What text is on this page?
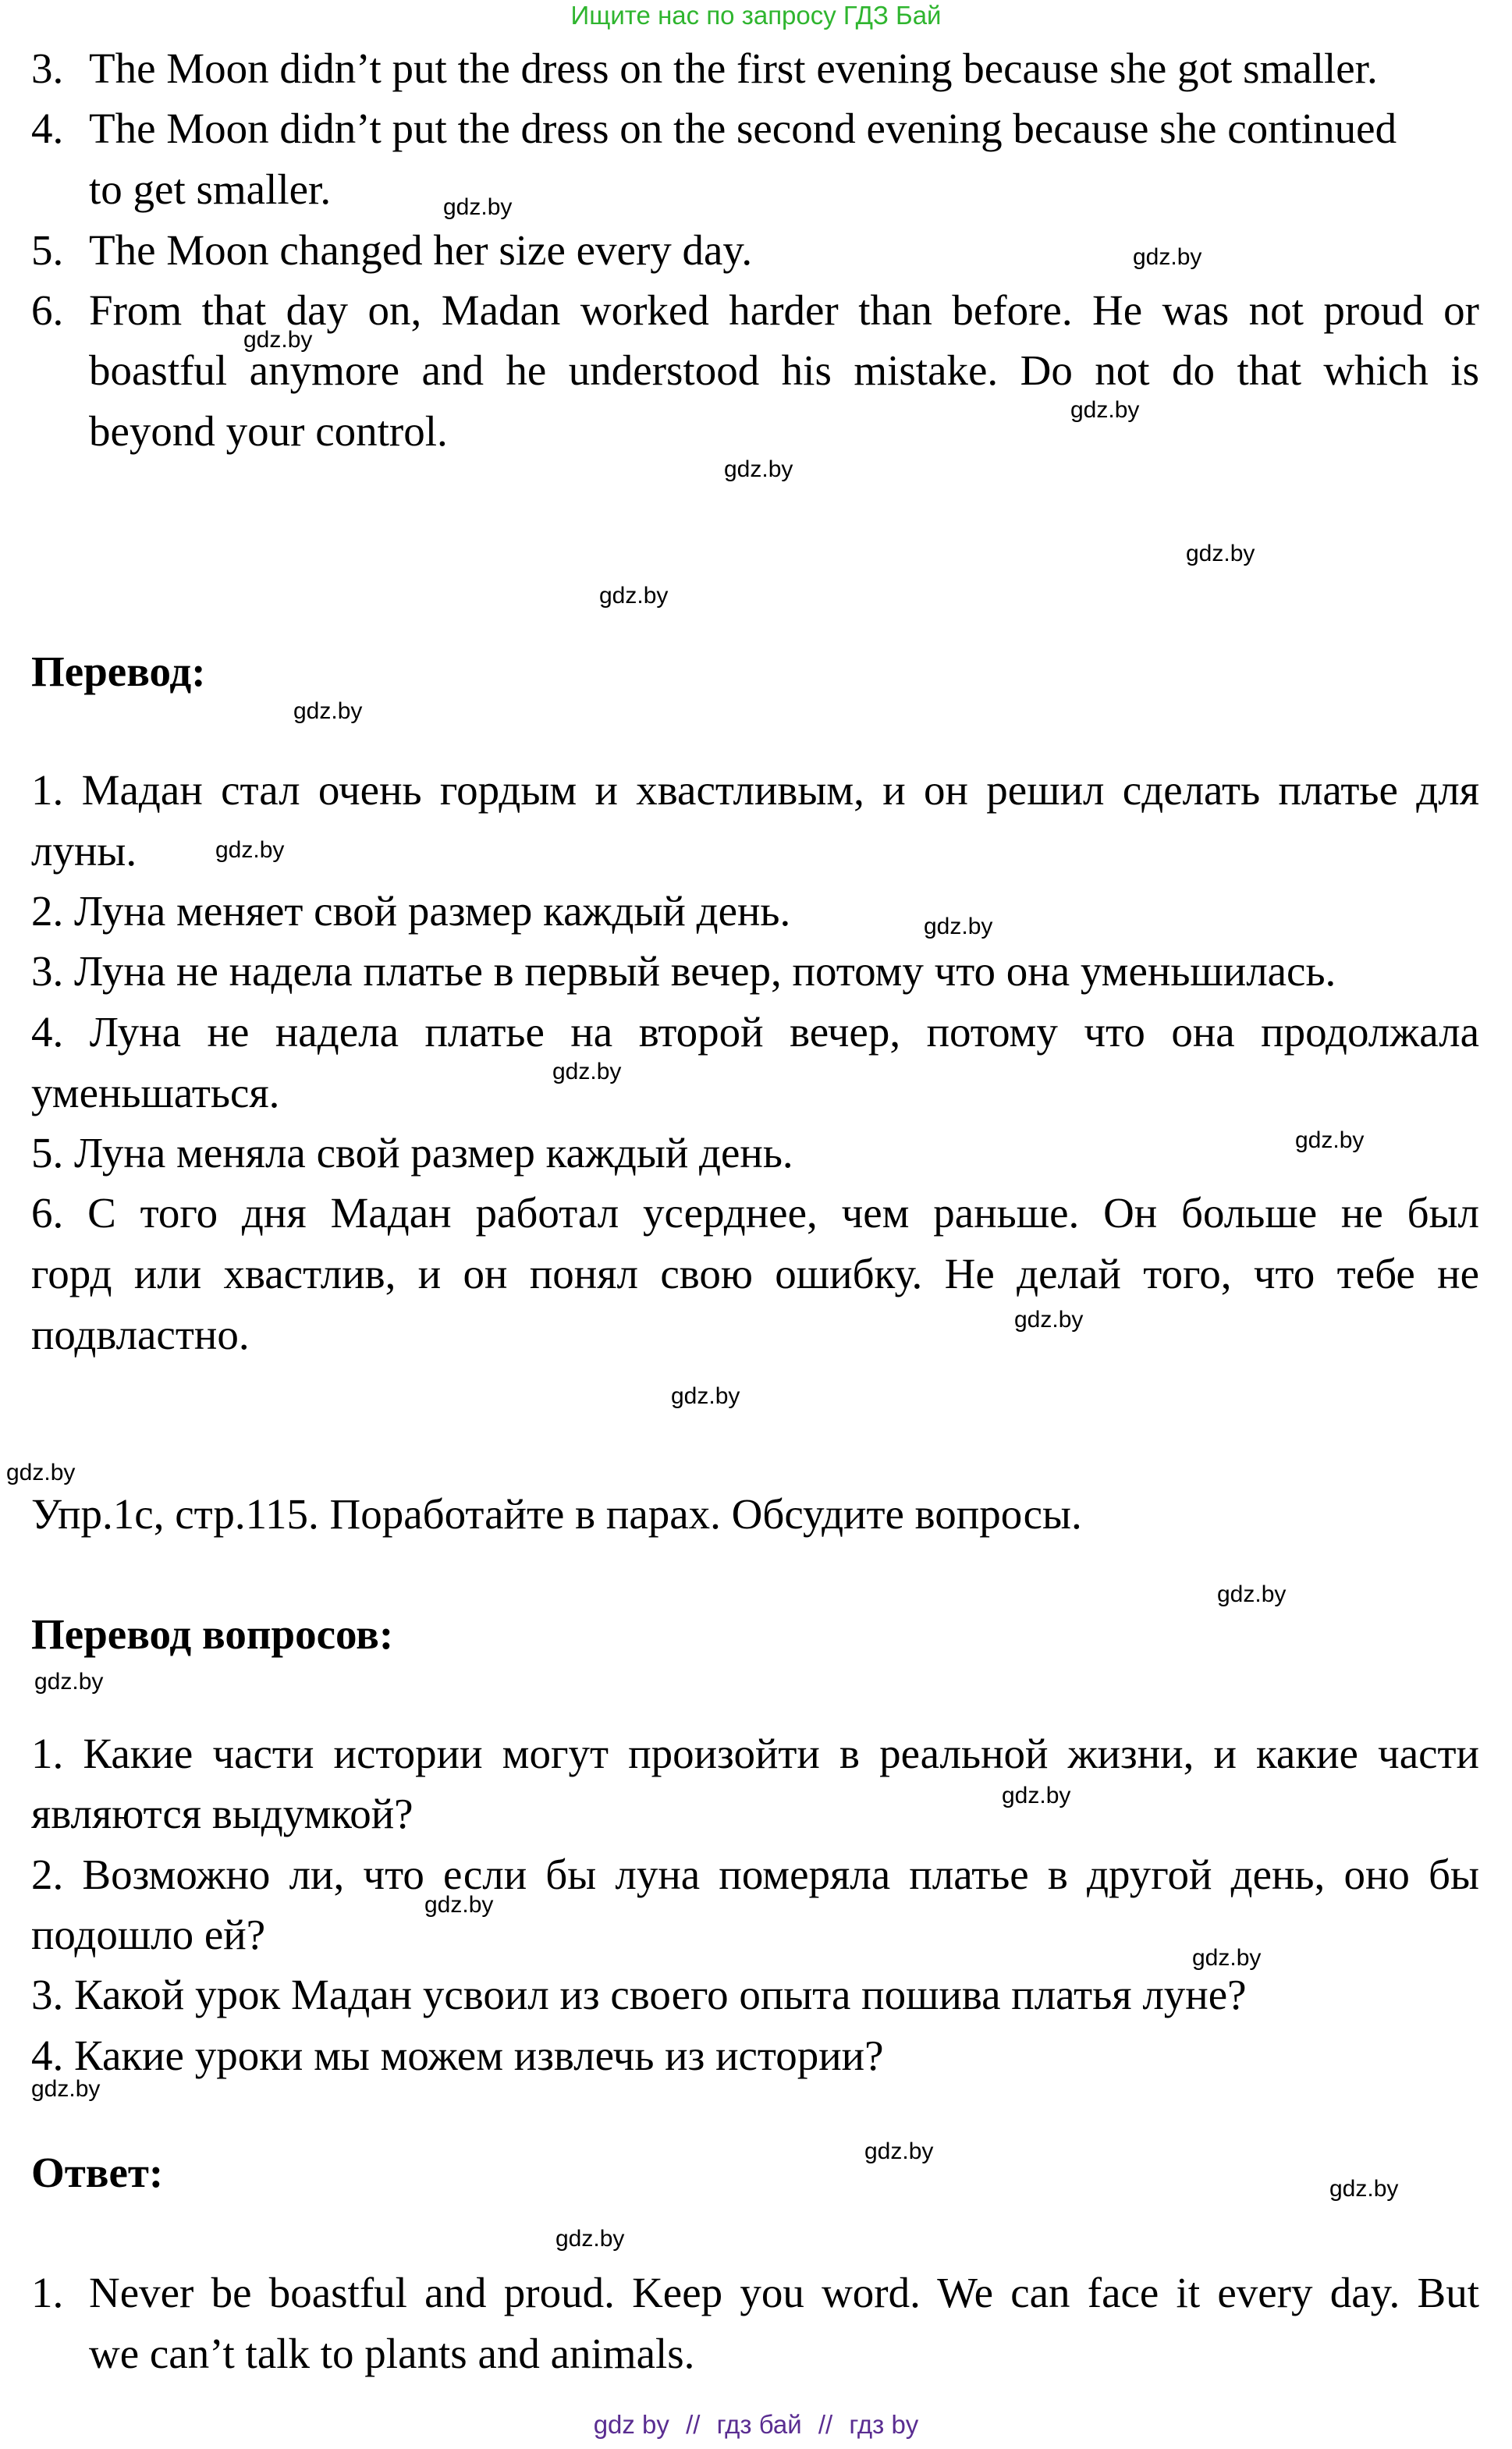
Ищите нас по запросу ГДЗ Бай
3. The Moon didn’t put the dress on the first evening because she got smaller.
4. The Moon didn’t put the dress on the second evening because she continued
to get smaller.
5. The Moon changed her size every day.
6. From that day on, Madan worked harder than before. He was not proud or
boastful anymore and he understood his mistake. Do not do that which is
beyond your control.
Перевод:
1. Мадан стал очень гордым и хвастливым, и он решил сделать платье для
луны.
2. Луна меняет свой размер каждый день.
3. Луна не надела платье в первый вечер, потому что она уменьшилась.
4. Луна не надела платье на второй вечер, потому что она продолжала
уменьшаться.
5. Луна меняла свой размер каждый день.
6. С того дня Мадан работал усерднее, чем раньше. Он больше не был
горд или хвастлив, и он понял свою ошибку. Не делай того, что тебе не
подвластно.
Упр.1c, стр.115. Поработайте в парах. Обсудите вопросы.
Перевод вопросов:
1. Какие части истории могут произойти в реальной жизни, и какие части
являются выдумкой?
2. Возможно ли, что если бы луна померяла платье в другой день, оно бы
подошло ей?
3. Какой урок Мадан усвоил из своего опыта пошива платья луне?
4. Какие уроки мы можем извлечь из истории?
Ответ:
1. Never be boastful and proud. Keep you word. We can face it every day. But
we can’t talk to plants and animals.
gdz.by
gdz.by
gdz.by
gdz.by
gdz.by
gdz.by
gdz.by
gdz.by
gdz.by
gdz.by
gdz.by
gdz.by
gdz.by
gdz.by
gdz.by
gdz.by
gdz.by
gdz.by
gdz.by
gdz.by
gdz.by
gdz.by
gdz.by
gdz.by
gdz by // гдз бай // гдз by
